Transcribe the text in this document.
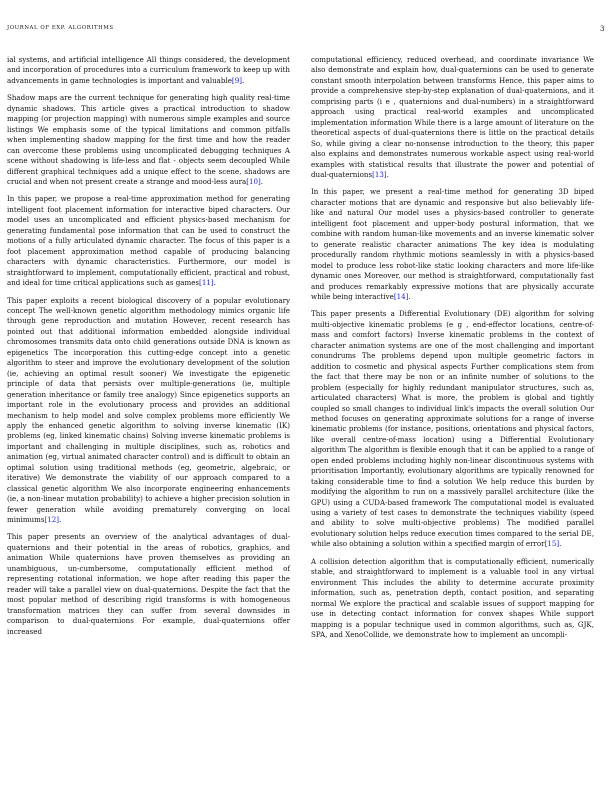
JOURNAL OF EXP. ALGORITHMS	3

ial systems, and artificial intelligence All things considered, the development and incorporation of procedures into a curriculum framework to keep up with advancements in game technologies is important and valuable[9].

Shadow maps are the current technique for generating high quality real-time dynamic shadows. This article gives a practical introduction to shadow mapping (or projection mapping) with numerous simple examples and source listings We emphasis some of the typical limitations and common pitfalls when implementing shadow mapping for the first time and how the reader can overcome these problems using uncomplicated debugging techniques A scene without shadowing is life-less and flat - objects seem decoupled While different graphical techniques add a unique effect to the scene, shadows are crucial and when not present create a strange and mood-less aura[10].

In this paper, we propose a real-time approximation method for generating intelligent foot placement information for interactive biped characters. Our model uses an uncomplicated and efficient physics-based mechanism for generating fundamental pose information that can be used to construct the motions of a fully articulated dynamic character. The focus of this paper is a foot placement approximation method capable of producing balancing characters with dynamic characteristics. Furthermore, our model is straightforward to implement, computationally efficient, practical and robust, and ideal for time critical applications such as games[11].

This paper exploits a recent biological discovery of a popular evolutionary concept The well-known genetic algorithm methodology mimics organic life through gene reproduction and mutation However, recent research has pointed out that additional information embedded alongside individual chromosomes transmits data onto child generations outside DNA is known as epigenetics The incorporation this cutting-edge concept into a genetic algorithm to steer and improve the evolutionary development of the solution (ie, achieving an optimal result sooner) We investigate the epigenetic principle of data that persists over multiple-generations (ie, multiple generation inheritance or family tree analogy) Since epigenetics supports an important role in the evolutionary process and provides an additional mechanism to help model and solve complex problems more efficiently We apply the enhanced genetic algorithm to solving inverse kinematic (IK) problems (eg, linked kinematic chains) Solving inverse kinematic problems is important and challenging in multiple disciplines, such as, robotics and animation (eg, virtual animated character control) and is difficult to obtain an optimal solution using traditional methods (eg, geometric, algebraic, or iterative) We demonstrate the viability of our approach compared to a classical genetic algorithm We also incorporate engineering enhancements (ie, a non-linear mutation probability) to achieve a higher precision solution in fewer generation while avoiding prematurely converging on local minimums[12].

This paper presents an overview of the analytical advantages of dual-quaternions and their potential in the areas of robotics, graphics, and animation While quaternions have proven themselves as providing an unambiguous, un-cumbersome, computationally efficient method of representing rotational information, we hope after reading this paper the reader will take a parallel view on dual-quaternions. Despite the fact that the most popular method of describing rigid transforms is with homogeneous transformation matrices they can suffer from several downsides in comparison to dual-quaternions For example, dual-quaternions offer increased

computational efficiency, reduced overhead, and coordinate invariance We also demonstrate and explain how, dual-quaternions can be used to generate constant smooth interpolation between transforms Hence, this paper aims to provide a comprehensive step-by-step explanation of dual-quaternions, and it comprising parts (i e , quaternions and dual-numbers) in a straightforward approach using practical real-world examples and uncomplicated implementation information While there is a large amount of literature on the theoretical aspects of dual-quaternions there is little on the practical details So, while giving a clear no-nonsense introduction to the theory, this paper also explains and demonstrates numerous workable aspect using real-world examples with statistical results that illustrate the power and potential of dual-quaternions[13].

In this paper, we present a real-time method for generating 3D biped character motions that are dynamic and responsive but also believably life-like and natural Our model uses a physics-based controller to generate intelligent foot placement and upper-body postural information, that we combine with random human-like movements and an inverse kinematic solver to generate realistic character animations The key idea is modulating procedurally random rhythmic motions seamlessly in with a physics-based model to produce less robot-like static looking characters and more life-like dynamic ones Moreover, our method is straightforward, computationally fast and produces remarkably expressive motions that are physically accurate while being interactive[14].

This paper presents a Differential Evolutionary (DE) algorithm for solving multi-objective kinematic problems (e g , end-effector locations, centre-of-mass and comfort factors) Inverse kinematic problems in the context of character animation systems are one of the most challenging and important conundrums The problems depend upon multiple geometric factors in addition to cosmetic and physical aspects Further complications stem from the fact that there may be non or an infinite number of solutions to the problem (especially for highly redundant manipulator structures, such as, articulated characters) What is more, the problem is global and tightly coupled so small changes to individual link's impacts the overall solution Our method focuses on generating approximate solutions for a range of inverse kinematic problems (for instance, positions, orientations and physical factors, like overall centre-of-mass location) using a Differential Evolutionary algorithm The algorithm is flexible enough that it can be applied to a range of open ended problems including highly non-linear discontinuous systems with prioritisation Importantly, evolutionary algorithms are typically renowned for taking considerable time to find a solution We help reduce this burden by modifying the algorithm to run on a massively parallel architecture (like the GPU) using a CUDA-based framework The computational model is evaluated using a variety of test cases to demonstrate the techniques viability (speed and ability to solve multi-objective problems) The modified parallel evolutionary solution helps reduce execution times compared to the serial DE, while also obtaining a solution within a specified margin of error[15].

A collision detection algorithm that is computationally efficient, numerically stable, and straightforward to implement is a valuable tool in any virtual environment This includes the ability to determine accurate proximity information, such as, penetration depth, contact position, and separating normal We explore the practical and scalable issues of support mapping for use in detecting contact information for convex shapes While support mapping is a popular technique used in common algorithms, such as, GJK, SPA, and XenoCollide, we demonstrate how to implement an uncompli-
